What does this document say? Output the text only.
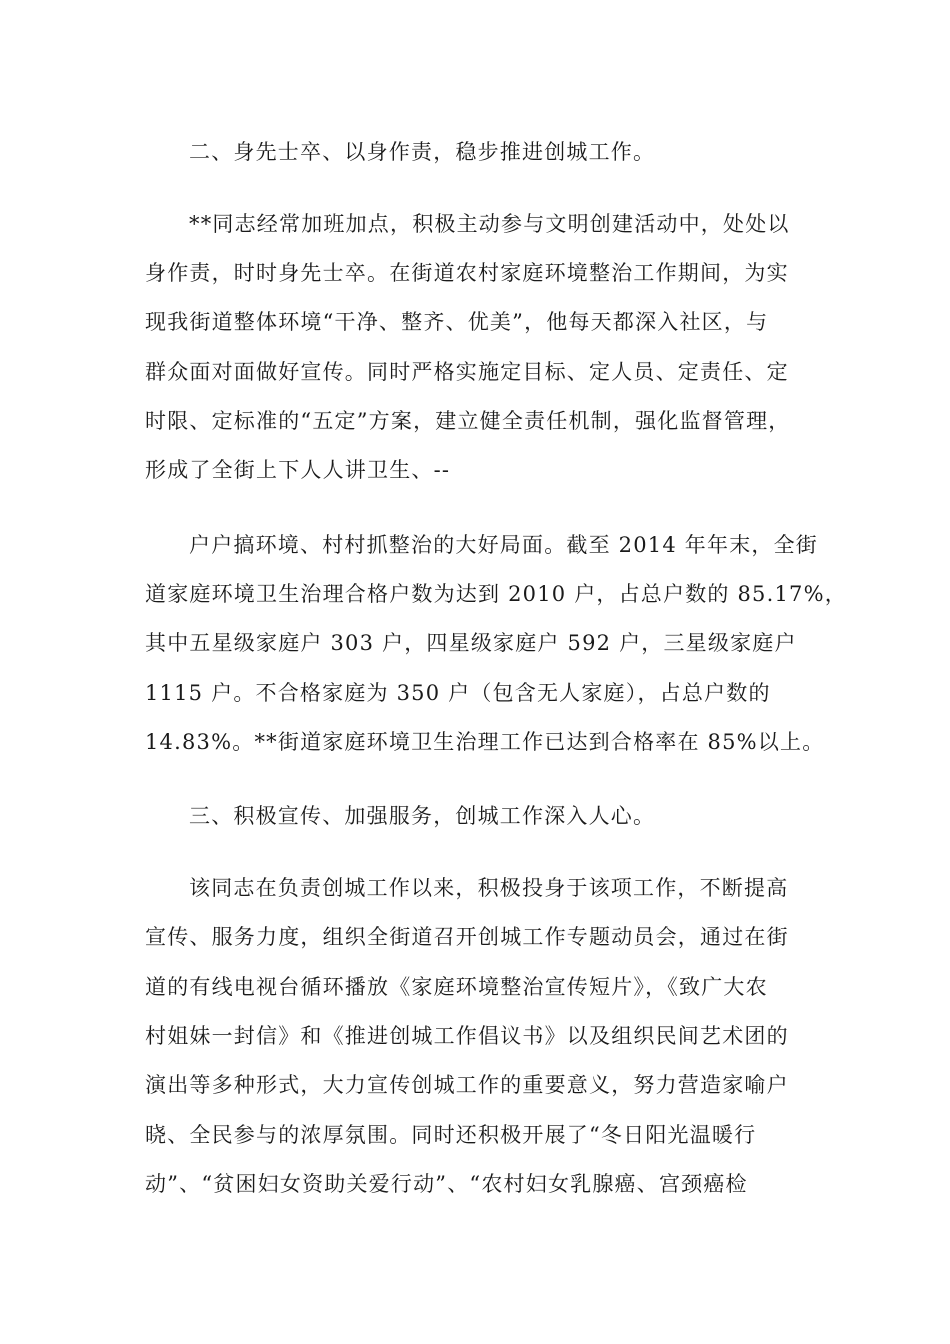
二、身先士卒、以身作责，稳步推进创城工作。
**同志经常加班加点，积极主动参与文明创建活动中，处处以
身作责，时时身先士卒。在街道农村家庭环境整治工作期间，为实
现我街道整体环境“干净、整齐、优美”，他每天都深入社区，与
群众面对面做好宣传。同时严格实施定目标、定人员、定责任、定
时限、定标准的“五定”方案，建立健全责任机制，强化监督管理，
形成了全街上下人人讲卫生、--
户户搞环境、村村抓整治的大好局面。截至 2014 年年末，全街
道家庭环境卫生治理合格户数为达到 2010 户，占总户数的 85.17%，
其中五星级家庭户 303 户，四星级家庭户 592 户，三星级家庭户
1115 户。不合格家庭为 350 户（包含无人家庭），占总户数的
14.83%。**街道家庭环境卫生治理工作已达到合格率在 85%以上。
三、积极宣传、加强服务，创城工作深入人心。
该同志在负责创城工作以来，积极投身于该项工作，不断提高
宣传、服务力度，组织全街道召开创城工作专题动员会，通过在街
道的有线电视台循环播放《家庭环境整治宣传短片》，《致广大农
村姐妹一封信》和《推进创城工作倡议书》以及组织民间艺术团的
演出等多种形式，大力宣传创城工作的重要意义，努力营造家喻户
晓、全民参与的浓厚氛围。同时还积极开展了“冬日阳光温暖行
动”、“贫困妇女资助关爱行动”、“农村妇女乳腺癌、宫颈癌检
